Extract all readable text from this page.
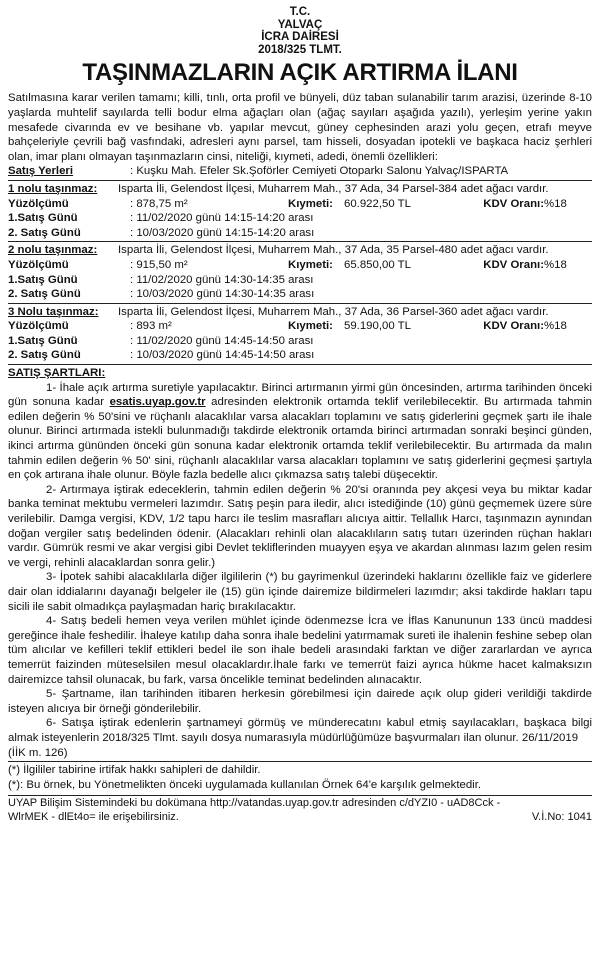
T.C.
YALVAÇ
İCRA DAİRESİ
2018/325 TLMT.
TAŞINMAZLARIN AÇIK ARTIRMA İLANI
Satılmasına karar verilen tamamı; killi, tınlı, orta profil ve bünyeli, düz taban sulanabilir tarım arazisi, üzerinde 8-10 yaşlarda muhtelif sayılarda telli bodur elma ağaçları olan (ağaç sayıları aşağıda yazılı), yerleşim yerine yakın mesafede civarında ev ve besihane vb. yapılar mevcut, güney cephesinden arazi yolu geçen, etrafı meyve bahçeleriyle çevrili bağ vasfındaki, adresleri aynı parsel, tam hisseli, dosyadan ipotekli ve başkaca haciz şerhleri olan, imar planı olmayan taşınmazların cinsi, niteliği, kıymeti, adedi, önemli özellikleri:
Satış Yerleri	: Kuşku Mah. Efeler Sk.Şoförler Cemiyeti Otoparkı Salonu Yalvaç/ISPARTA
1 nolu taşınmaz:	Isparta İli, Gelendost İlçesi, Muharrem Mah., 37 Ada, 34 Parsel-384 adet ağacı vardır.
Yüzölçümü	: 878,75 m²	Kıymeti: 60.922,50 TL	KDV Oranı: %18
1.Satış Günü	: 11/02/2020 günü 14:15-14:20 arası
2. Satış Günü	: 10/03/2020 günü 14:15-14:20 arası
2 nolu taşınmaz:	Isparta İli, Gelendost İlçesi, Muharrem Mah., 37 Ada, 35 Parsel-480 adet ağacı vardır.
Yüzölçümü	: 915,50 m²	Kıymeti: 65.850,00 TL	KDV Oranı: %18
1.Satış Günü	: 11/02/2020 günü 14:30-14:35 arası
2. Satış Günü	: 10/03/2020 günü 14:30-14:35 arası
3 Nolu taşınmaz:	Isparta İli, Gelendost İlçesi, Muharrem Mah., 37 Ada, 36 Parsel-360 adet ağacı vardır.
Yüzölçümü	: 893 m²	Kıymeti: 59.190,00 TL	KDV Oranı: %18
1.Satış Günü	: 11/02/2020 günü 14:45-14:50 arası
2. Satış Günü	: 10/03/2020 günü 14:45-14:50 arası
SATIŞ ŞARTLARI:
1- İhale açık artırma suretiyle yapılacaktır. Birinci artırmanın yirmi gün öncesinden, artırma tarihinden önceki gün sonuna kadar esatis.uyap.gov.tr adresinden elektronik ortamda teklif verilebilecektir. Bu artırmada tahmin edilen değerin % 50'sini ve rüçhanlı alacaklılar varsa alacakları toplamını ve satış giderlerini geçmek şartı ile ihale olunur. Birinci artırmada istekli bulunmadığı takdirde elektronik ortamda birinci artırmadan sonraki beşinci günden, ikinci artırma gününden önceki gün sonuna kadar elektronik ortamda teklif verilebilecektir. Bu artırmada da malın tahmin edilen değerin % 50' sini, rüçhanlı alacaklılar varsa alacakları toplamını ve satış giderlerini geçmesi şartıyla en çok artırana ihale olunur. Böyle fazla bedelle alıcı çıkmazsa satış talebi düşecektir.
2- Artırmaya iştirak edeceklerin, tahmin edilen değerin % 20'si oranında pey akçesi veya bu miktar kadar banka teminat mektubu vermeleri lazımdır. Satış peşin para iledir, alıcı istediğinde (10) günü geçmemek üzere süre verilebilir. Damga vergisi, KDV, 1/2 tapu harcı ile teslim masrafları alıcıya aittir. Tellallık Harcı, taşınmazın aynından doğan vergiler satış bedelinden ödenir. (Alacakları rehinli olan alacaklıların satış tutarı üzerinden rüçhan hakları vardır. Gümrük resmi ve akar vergisi gibi Devlet tekliflerinden muayyen eşya ve akardan alınması lazım gelen resim ve vergi, rehinli alacaklardan sonra gelir.)
3- İpotek sahibi alacaklılarla diğer ilgililerin (*) bu gayrimenkul üzerindeki haklarını özellikle faiz ve giderlere dair olan iddialarını dayanağı belgeler ile (15) gün içinde dairemize bildirmeleri lazımdır; aksi takdirde hakları tapu sicili ile sabit olmadıkça paylaşmadan hariç bırakılacaktır.
4- Satış bedeli hemen veya verilen mühlet içinde ödenmezse İcra ve İflas Kanununun 133 üncü maddesi gereğince ihale feshedilir. İhaleye katılıp daha sonra ihale bedelini yatırmamak sureti ile ihalenin feshine sebep olan tüm alıcılar ve kefilleri teklif ettikleri bedel ile son ihale bedeli arasındaki farktan ve diğer zararlardan ve ayrıca temerrüt faizinden müteselsilen mesul olacaklardır.İhale farkı ve temerrüt faizi ayrıca hükme hacet kalmaksızın dairemizce tahsil olunacak, bu fark, varsa öncelikle teminat bedelinden alınacaktır.
5- Şartname, ilan tarihinden itibaren herkesin görebilmesi için dairede açık olup gideri verildiği takdirde isteyen alıcıya bir örneği gönderilebilir.
6- Satışa iştirak edenlerin şartnameyi görmüş ve münderecatını kabul etmiş sayılacakları, başkaca bilgi almak isteyenlerin 2018/325 Tlmt. sayılı dosya numarasıyla müdürlüğümüze başvurmaları ilan olunur. 26/11/2019
(İİK m. 126)
(*) İlgililer tabirine irtifak hakkı sahipleri de dahildir.
(*): Bu örnek, bu Yönetmelikten önceki uygulamada kullanılan Örnek 64'e karşılık gelmektedir.
UYAP Bilişim Sistemindeki bu dokümana http://vatandas.uyap.gov.tr adresinden c/dYZI0 - uAD8Cck -
WlrMEK - dlEt4o= ile erişebilirsiniz.	V.İ.No: 1041
